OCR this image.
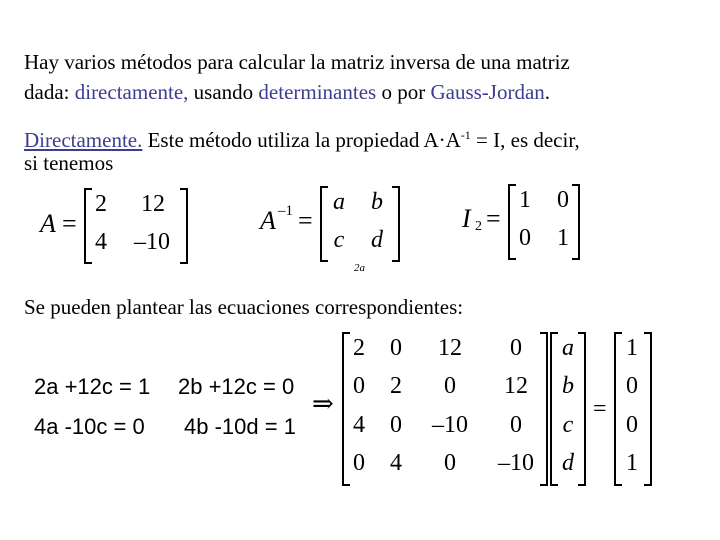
Hay varios métodos para calcular la matriz inversa de una matriz
dada: directamente, usando determinantes o por Gauss-Jordan.
Directamente. Este método utiliza la propiedad $A\cdot A^{-1} = I$, es decir,
si tenemos
A =
2	12
4	–10
A –1 =
a b
c d
I 2 =
1 0
0 1
2a
Se pueden plantear las ecuaciones correspondientes:
2a +12c = 1 2b +12c = 0
4a -10c = 0 4b -10d = 1
⇒
2	0	12	0
0	2	0	12
4	0	–10	0
0	4	0	–10
a
b
c
d
=
1
0
0
1
